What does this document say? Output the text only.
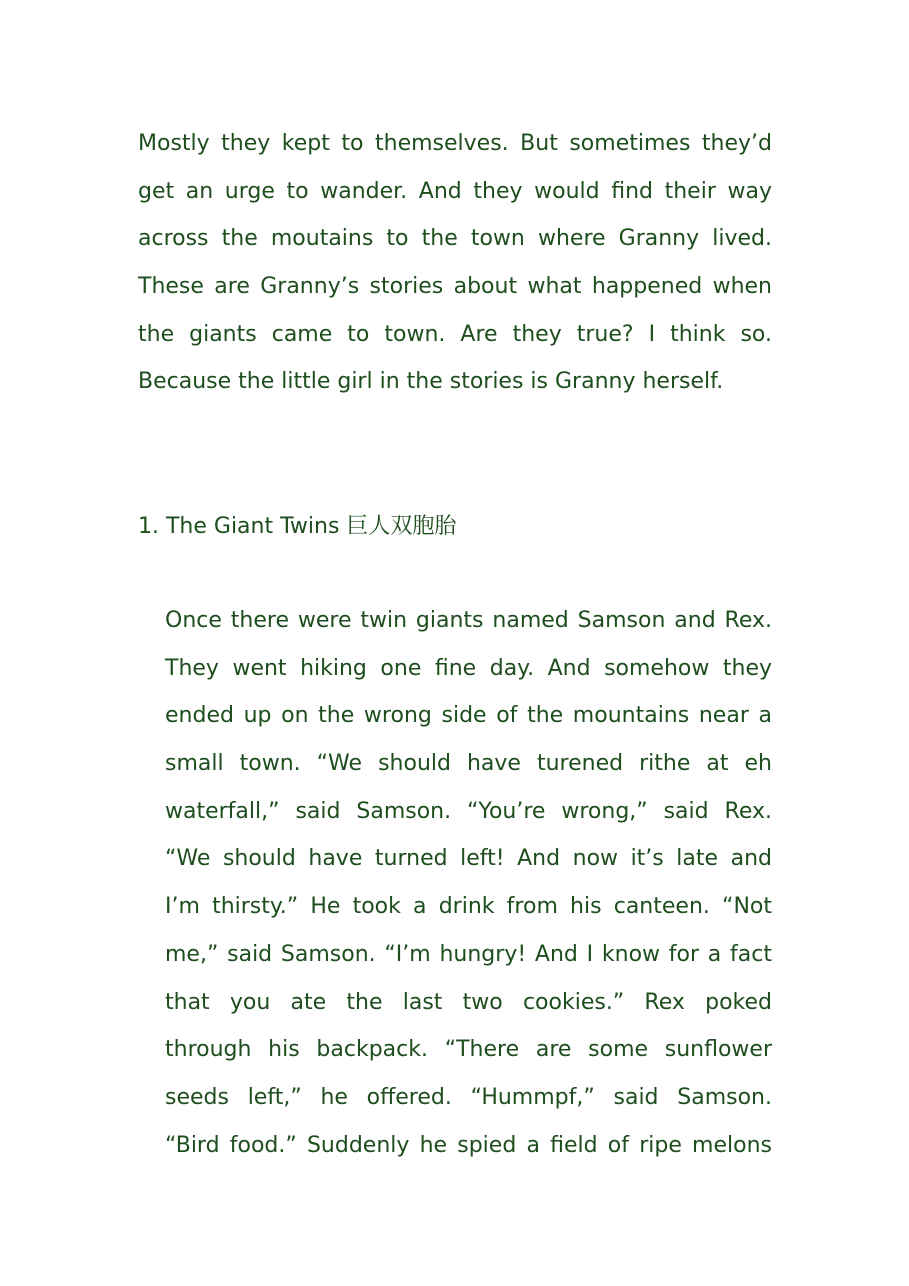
Mostly they kept to themselves. But sometimes they’d
get an urge to wander. And they would find their way
across the moutains to the town where Granny lived.
These are Granny’s stories about what happened when
the giants came to town. Are they true? I think so.
Because the little girl in the stories is Granny herself.
1. The Giant Twins 巨人双胞胎
Once there were twin giants named Samson and Rex.
They went hiking one fine day. And somehow they
ended up on the wrong side of the mountains near a
small town. “We should have turened rithe at eh
waterfall,” said Samson. “You’re wrong,” said Rex.
“We should have turned left! And now it’s late and
I’m thirsty.” He took a drink from his canteen. “Not
me,” said Samson. “I’m hungry! And I know for a fact
that you ate the last two cookies.” Rex poked
through his backpack. “There are some sunflower
seeds left,” he offered. “Hummpf,” said Samson.
“Bird food.” Suddenly he spied a field of ripe melons
